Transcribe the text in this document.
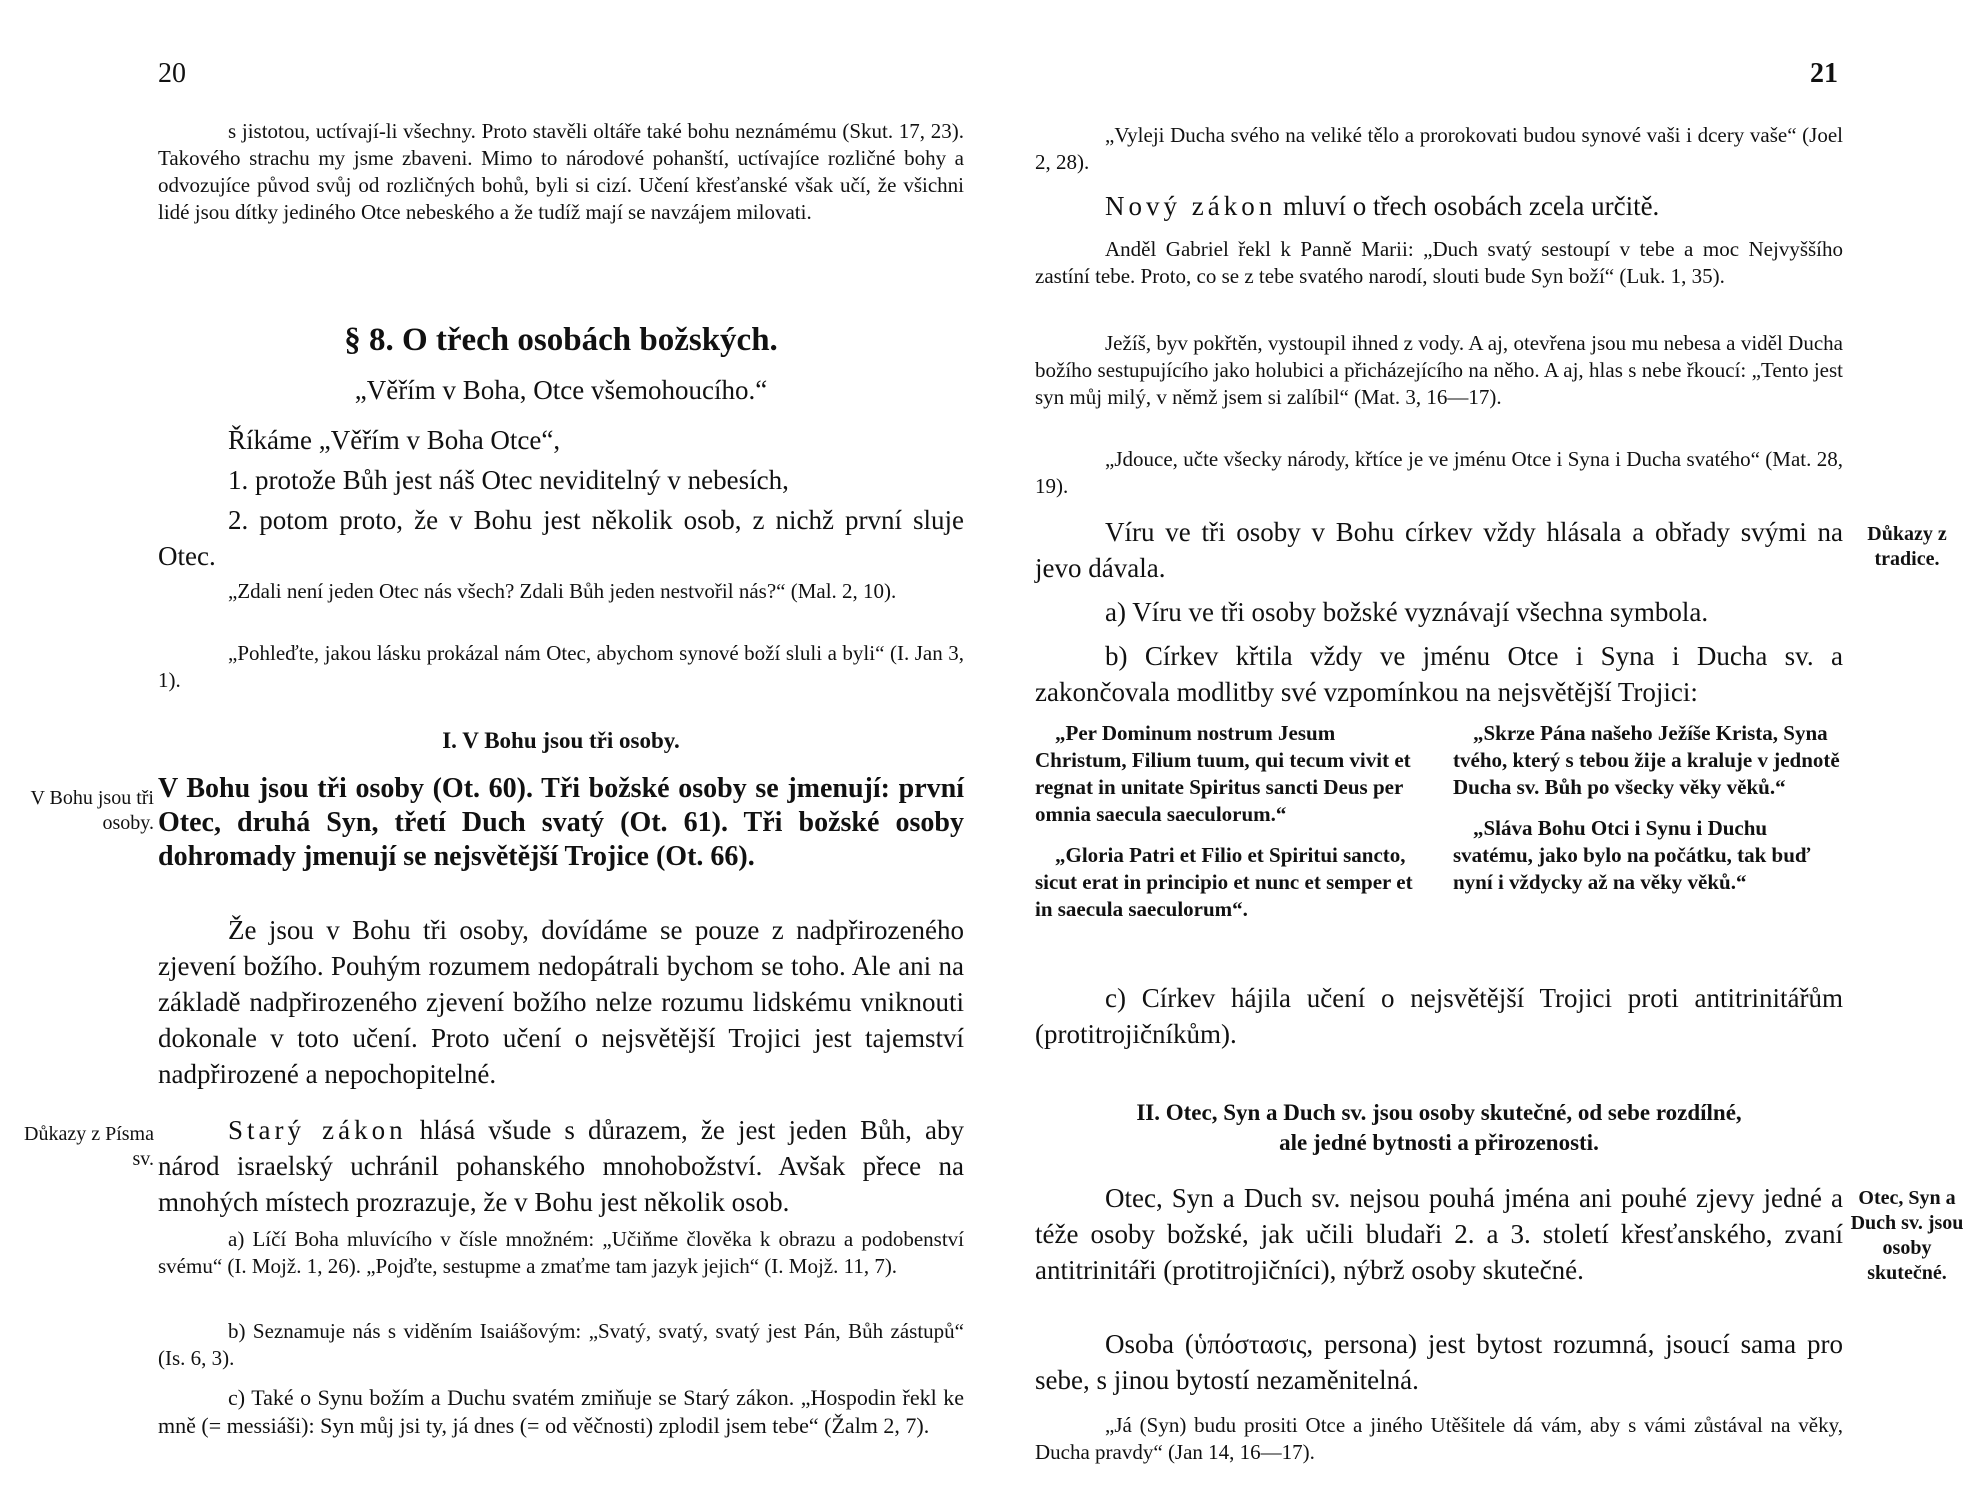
20
s jistotou, uctívají-li všechny. Proto stavěli oltáře také bohu neznámému (Skut. 17, 23). Takového strachu my jsme zbaveni. Mimo to národové pohanští, uctívajíce rozličné bohy a odvozujíce původ svůj od rozličných bohů, byli si cizí. Učení křesťanské však učí, že všichni lidé jsou dítky jediného Otce nebeského a že tudíž mají se navzájem milovati.
§ 8. O třech osobách božských.
„Věřím v Boha, Otce všemohoucího.“
Říkáme „Věřím v Boha Otce“,
1. protože Bůh jest náš Otec neviditelný v nebesích,
2. potom proto, že v Bohu jest několik osob, z nichž první sluje Otec.
„Zdali není jeden Otec nás všech? Zdali Bůh jeden nestvořil nás?“ (Mal. 2, 10).
„Pohleďte, jakou lásku prokázal nám Otec, abychom synové boží sluli a byli“ (I. Jan 3, 1).
I. V Bohu jsou tři osoby.
V Bohu jsou tři osoby.
V Bohu jsou tři osoby (Ot. 60). Tři božské osoby se jmenují: první Otec, druhá Syn, třetí Duch svatý (Ot. 61). Tři božské osoby dohromady jmenují se nejsvětější Trojice (Ot. 66).
Že jsou v Bohu tři osoby, dovídáme se pouze z nadpřirozeného zjevení božího. Pouhým rozumem nedopátrali bychom se toho. Ale ani na základě nadpřirozeného zjevení božího nelze rozumu lidskému vniknouti dokonale v toto učení. Proto učení o nejsvětější Trojici jest tajemství nadpřirozené a nepochopitelné.
Důkazy z Písma sv.
Starý zákon hlásá všude s důrazem, že jest jeden Bůh, aby národ israelský uchránil pohanského mnohobožství. Avšak přece na mnohých místech prozrazuje, že v Bohu jest několik osob.
a) Líčí Boha mluvícího v čísle množném: „Učiňme člověka k obrazu a podobenství svému“ (I. Mojž. 1, 26). „Pojďte, sestupme a zmaťme tam jazyk jejich“ (I. Mojž. 11, 7).
b) Seznamuje nás s viděním Isaiášovým: „Svatý, svatý, svatý jest Pán, Bůh zástupů“ (Is. 6, 3).
c) Také o Synu božím a Duchu svatém zmiňuje se Starý zákon. „Hospodin řekl ke mně (= messiáši): Syn můj jsi ty, já dnes (= od věčnosti) zplodil jsem tebe“ (Žalm 2, 7).
21
„Vyleji Ducha svého na veliké tělo a prorokovati budou synové vaši i dcery vaše“ (Joel 2, 28).
Nový zákon mluví o třech osobách zcela určitě.
Anděl Gabriel řekl k Panně Marii: „Duch svatý sestoupí v tebe a moc Nejvyššího zastíní tebe. Proto, co se z tebe svatého narodí, slouti bude Syn boží“ (Luk. 1, 35).
Ježíš, byv pokřtěn, vystoupil ihned z vody. A aj, otevřena jsou mu nebesa a viděl Ducha božího sestupujícího jako holubici a přicházejícího na něho. A aj, hlas s nebe řkoucí: „Tento jest syn můj milý, v němž jsem si zalíbil“ (Mat. 3, 16—17).
„Jdouce, učte všecky národy, křtíce je ve jménu Otce i Syna i Ducha svatého“ (Mat. 28, 19).
Důkazy z tradice.
Víru ve tři osoby v Bohu církev vždy hlásala a obřady svými na jevo dávala.
a) Víru ve tři osoby božské vyznávají všechna symbola.
b) Církev křtila vždy ve jménu Otce i Syna i Ducha sv. a zakončovala modlitby své vzpomínkou na nejsvětější Trojici:

„Per Dominum nostrum Jesum Christum, Filium tuum, qui tecum vivit et regnat in unitate Spiritus sancti Deus per omnia saecula saeculorum.“

„Gloria Patri et Filio et Spiritui sancto, sicut erat in principio et nunc et semper et in saecula saeculorum“.

„Skrze Pána našeho Ježíše Krista, Syna tvého, který s tebou žije a kraluje v jednotě Ducha sv. Bůh po všecky věky věků.“

„Sláva Bohu Otci i Synu i Duchu svatému, jako bylo na počátku, tak buď nyní i vždycky až na věky věků.“

c) Církev hájila učení o nejsvětější Trojici proti antitrinitářům (protitrojičníkům).
II. Otec, Syn a Duch sv. jsou osoby skutečné, od sebe rozdílné,
ale jedné bytnosti a přirozenosti.
Otec, Syn a Duch sv. jsou osoby skutečné.
Otec, Syn a Duch sv. nejsou pouhá jména ani pouhé zjevy jedné a téže osoby božské, jak učili bludaři 2. a 3. století křesťanského, zvaní antitrinitáři (protitrojičníci), nýbrž osoby skutečné.
Osoba (ὑπόστασις, persona) jest bytost rozumná, jsoucí sama pro sebe, s jinou bytostí nezaměnitelná.
„Já (Syn) budu prositi Otce a jiného Utěšitele dá vám, aby s vámi zůstával na věky, Ducha pravdy“ (Jan 14, 16—17).
